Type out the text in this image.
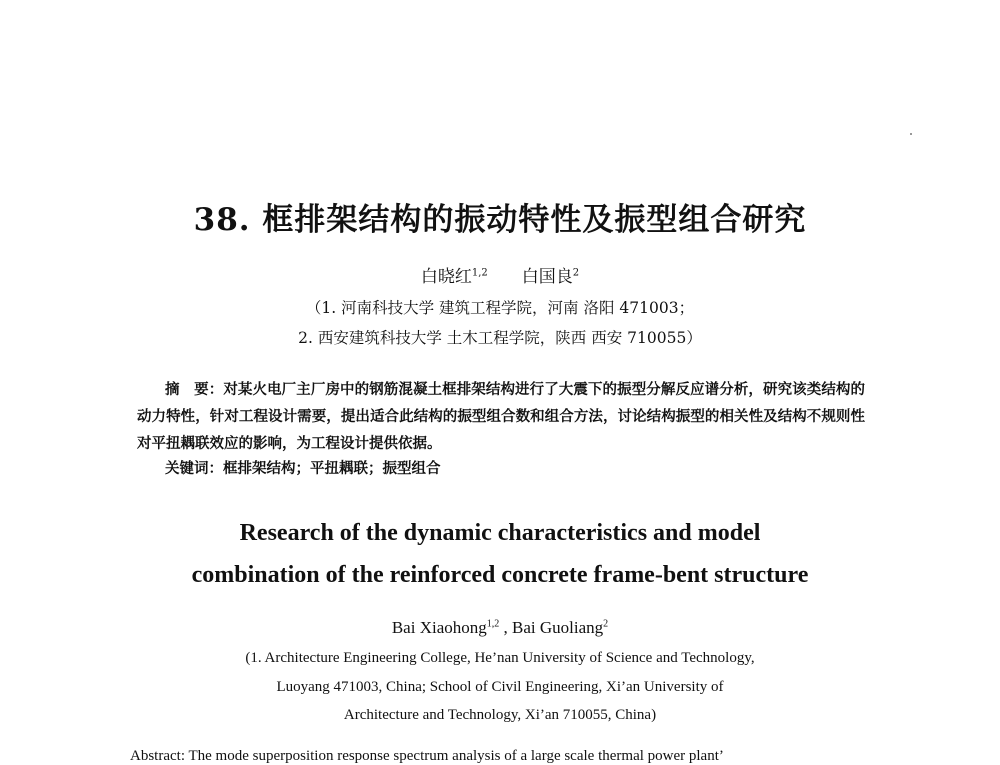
38. 框排架结构的振动特性及振型组合研究
白晓红$^{1,2}$　　 白国良$^2$
（1. 河南科技大学 建筑工程学院，河南 洛阳 471003；
2. 西安建筑科技大学 土木工程学院，陕西 西安 710055）
摘　要：对某火电厂主厂房中的钢筋混凝土框排架结构进行了大震下的振型分解反应谱分析，研究该类结构的动力特性，针对工程设计需要，提出适合此结构的振型组合数和组合方法，讨论结构振型的相关性及结构不规则性对平扭耦联效应的影响，为工程设计提供依据。
关键词：框排架结构；平扭耦联；振型组合
Research of the dynamic characteristics and model
combination of the reinforced concrete frame-bent structure
Bai Xiaohong$^{1,2}$ , Bai Guoliang$^2$
(1. Architecture Engineering College, He’nan University of Science and Technology,
Luoyang 471003, China; School of Civil Engineering, Xi’an University of
Architecture and Technology, Xi’an 710055, China)
Abstract: The mode superposition response spectrum analysis of a large scale thermal power plant’
